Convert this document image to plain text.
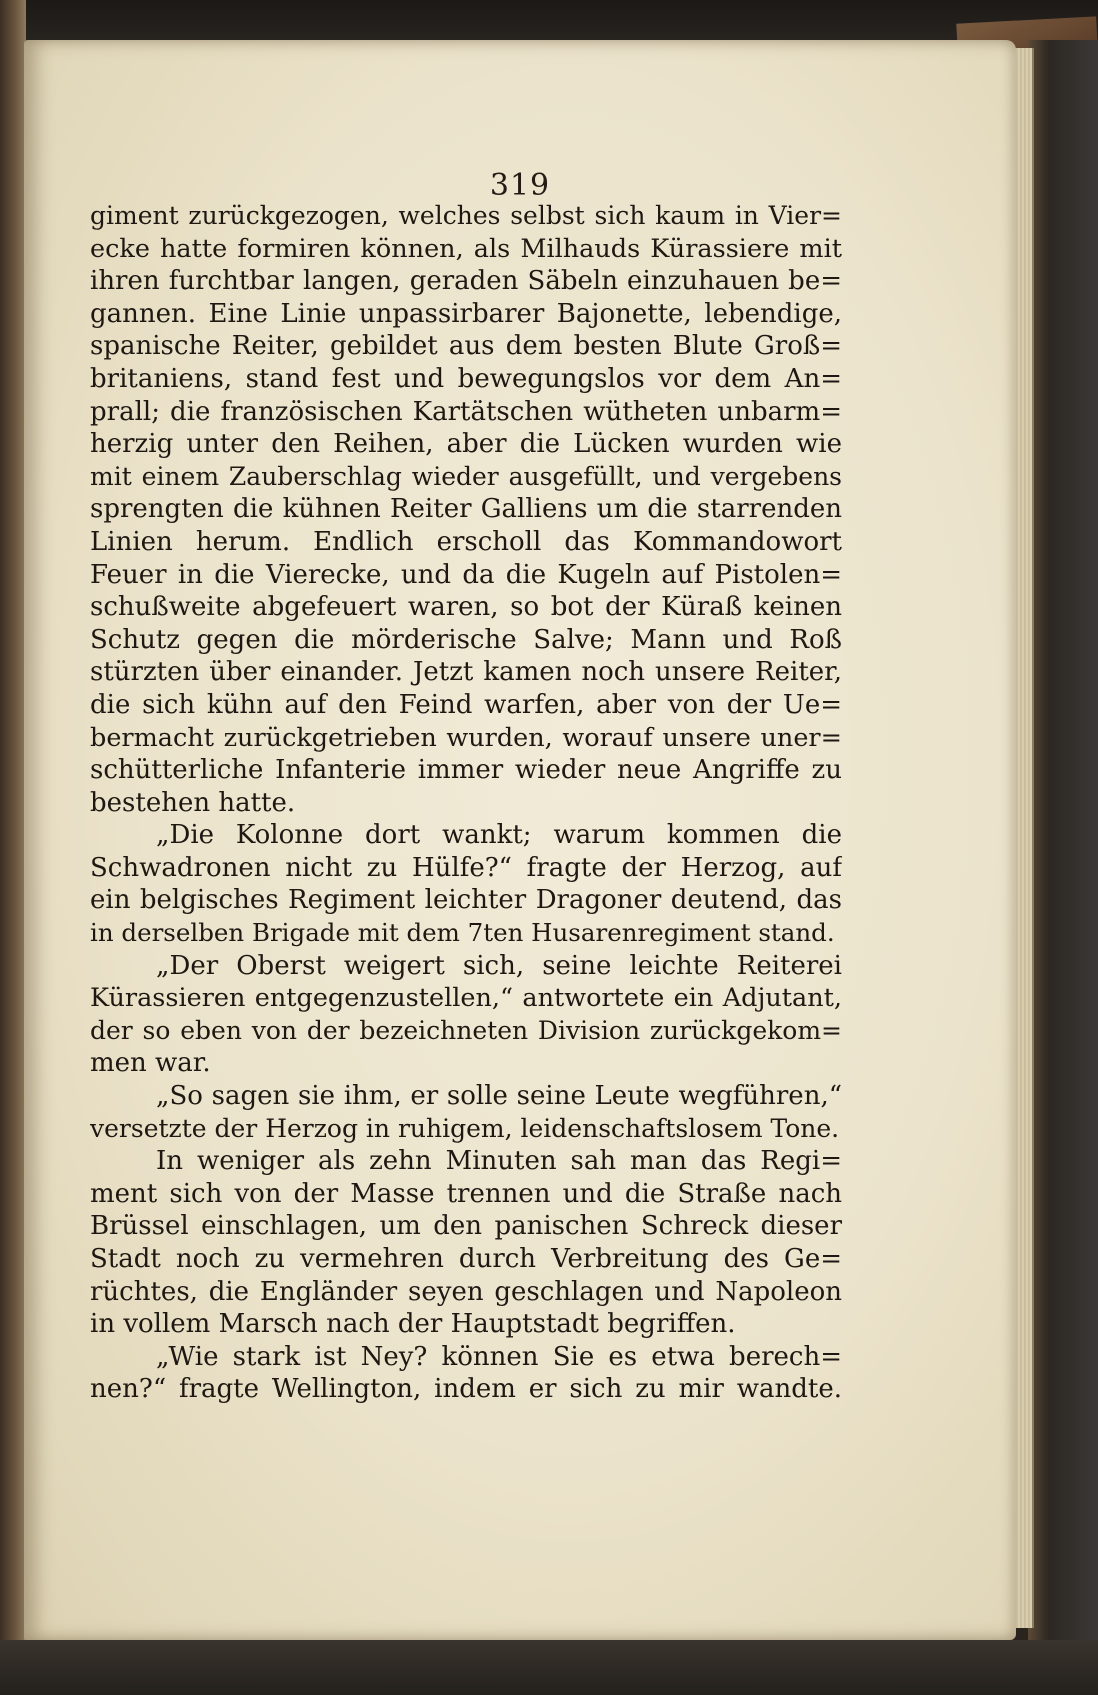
319
giment zurückgezogen, welches selbst sich kaum in Vier=
ecke hatte formiren können, als Milhauds Kürassiere mit
ihren furchtbar langen, geraden Säbeln einzuhauen be=
gannen. Eine Linie unpassirbarer Bajonette, lebendige,
spanische Reiter, gebildet aus dem besten Blute Groß=
britaniens, stand fest und bewegungslos vor dem An=
prall; die französischen Kartätschen wütheten unbarm=
herzig unter den Reihen, aber die Lücken wurden wie
mit einem Zauberschlag wieder ausgefüllt, und vergebens
sprengten die kühnen Reiter Galliens um die starrenden
Linien herum. Endlich erscholl das Kommandowort
Feuer in die Vierecke, und da die Kugeln auf Pistolen=
schußweite abgefeuert waren, so bot der Küraß keinen
Schutz gegen die mörderische Salve; Mann und Roß
stürzten über einander. Jetzt kamen noch unsere Reiter,
die sich kühn auf den Feind warfen, aber von der Ue=
bermacht zurückgetrieben wurden, worauf unsere uner=
schütterliche Infanterie immer wieder neue Angriffe zu
bestehen hatte.
„Die Kolonne dort wankt; warum kommen die
Schwadronen nicht zu Hülfe?“ fragte der Herzog, auf
ein belgisches Regiment leichter Dragoner deutend, das
in derselben Brigade mit dem 7ten Husarenregiment stand.
„Der Oberst weigert sich, seine leichte Reiterei
Kürassieren entgegenzustellen,“ antwortete ein Adjutant,
der so eben von der bezeichneten Division zurückgekom=
men war.
„So sagen sie ihm, er solle seine Leute wegführen,“
versetzte der Herzog in ruhigem, leidenschaftslosem Tone.
In weniger als zehn Minuten sah man das Regi=
ment sich von der Masse trennen und die Straße nach
Brüssel einschlagen, um den panischen Schreck dieser
Stadt noch zu vermehren durch Verbreitung des Ge=
rüchtes, die Engländer seyen geschlagen und Napoleon
in vollem Marsch nach der Hauptstadt begriffen.
„Wie stark ist Ney? können Sie es etwa berech=
nen?“ fragte Wellington, indem er sich zu mir wandte.
